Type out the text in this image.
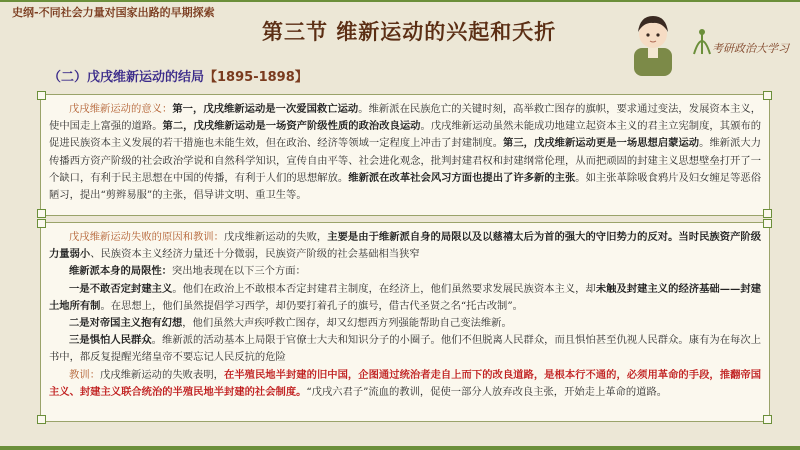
史纲-不同社会力量对国家出路的早期探索
第三节 维新运动的兴起和夭折
考研政治大学习
（二）戊戌维新运动的结局【1895-1898】
戊戌维新运动的意义：第一，戊戌维新运动是一次爱国救亡运动。维新派在民族危亡的关键时刻，高举救亡图存的旗帜，要求通过变法，发展资本主义，使中国走上富强的道路。第二，戊戌维新运动是一场资产阶级性质的政治改良运动。戊戌维新运动虽然未能成功地建立起资本主义的君主立宪制度，其颁布的促进民族资本主义发展的若干措施也未能生效，但在政治、经济等领域一定程度上冲击了封建制度。第三，戊戌维新运动更是一场思想启蒙运动。维新派大力传播西方资产阶级的社会政治学说和自然科学知识，宣传自由平等、社会进化观念，批判封建君权和封建纲常伦理，从而把顽固的封建主义思想壁垒打开了一个缺口，有利于民主思想在中国的传播，有利于人们的思想解放。维新派在改革社会风习方面也提出了许多新的主张。如主张革除吸食鸦片及妇女缠足等恶俗陋习，提出“剪辫易服”的主张，倡导讲文明、重卫生等。
戊戌维新运动失败的原因和教训：戊戌维新运动的失败，主要是由于维新派自身的局限以及以慈禧太后为首的强大的守旧势力的反对。当时民族资产阶级力量弱小、民族资本主义经济力量还十分微弱，民族资产阶级的社会基础相当狭窄
维新派本身的局限性：突出地表现在以下三个方面：
一是不敢否定封建主义。他们在政治上不敢根本否定封建君主制度，在经济上，他们虽然要求发展民族资本主义，却未触及封建主义的经济基础——封建土地所有制。在思想上，他们虽然提倡学习西学，却仍要打着孔子的旗号，借古代圣贤之名“托古改制”。
二是对帝国主义抱有幻想，他们虽然大声疾呼救亡图存，却又幻想西方列强能帮助自己变法维新。
三是惧怕人民群众。维新派的活动基本上局限于官僚士大夫和知识分子的小圈子。他们不但脱离人民群众，而且惧怕甚至仇视人民群众。康有为在每次上书中，都反复提醒光绪皇帝不要忘记人民反抗的危险
教训：戊戌维新运动的失败表明，在半殖民地半封建的旧中国，企图通过统治者走自上而下的改良道路，是根本行不通的，必须用革命的手段，推翻帝国主义、封建主义联合统治的半殖民地半封建的社会制度。“戊戌六君子”流血的教训，促使一部分人放弃改良主张，开始走上革命的道路。
